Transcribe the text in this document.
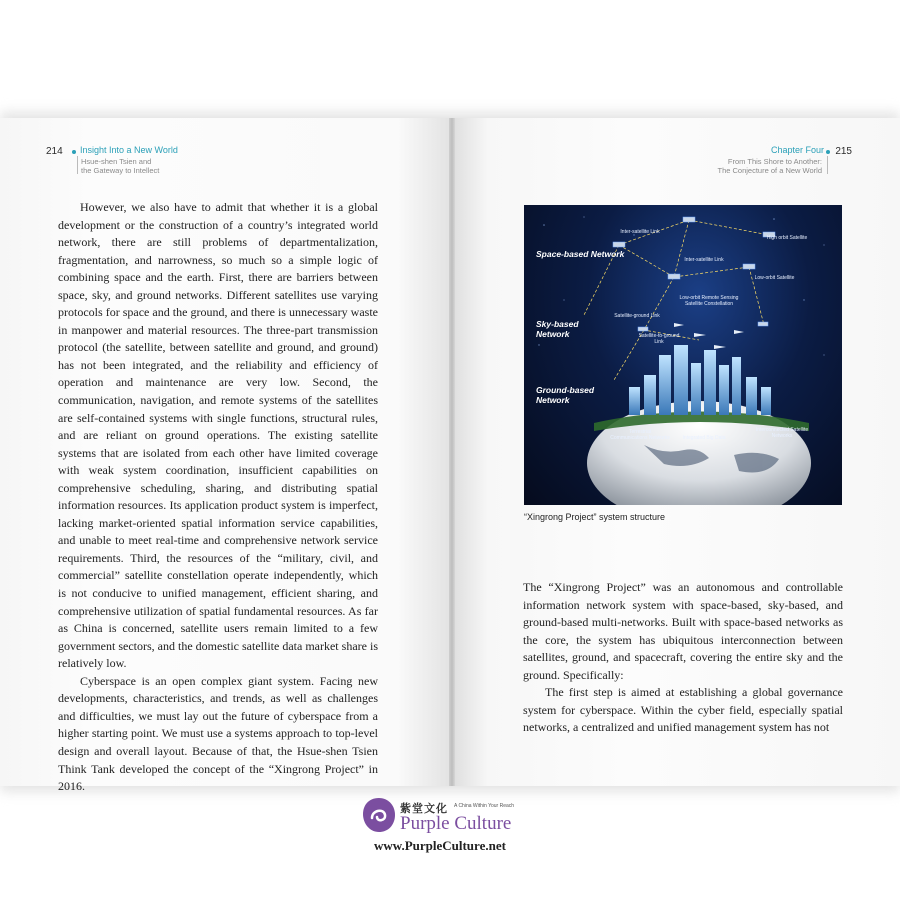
214 Insight Into a New World
Hsue-shen Tsien and
the Gateway to Intellect

However, we also have to admit that whether it is a global development or the construction of a country’s integrated world network, there are still problems of departmentalization, fragmentation, and narrowness, so much so a simple logic of combining space and the earth. First, there are barriers between space, sky, and ground networks. Different satellites use varying protocols for space and the ground, and there is unnecessary waste in manpower and material resources. The three-part transmission protocol (the satellite, between satellite and ground, and ground) has not been integrated, and the reliability and efficiency of operation and maintenance are very low. Second, the communication, navigation, and remote systems of the satellites are self-contained systems with single functions, structural rules, and are reliant on ground operations. The existing satellite systems that are isolated from each other have limited coverage with weak system coordination, insufficient capabilities on comprehensive scheduling, sharing, and distributing spatial information resources. Its application product system is imperfect, lacking market-oriented spatial information service capabilities, and unable to meet real-time and comprehensive network service requirements. Third, the resources of the “military, civil, and commercial” satellite constellation operate independently, which is not conducive to unified management, efficient sharing, and comprehensive utilization of spatial fundamental resources. As far as China is concerned, satellite users remain limited to a few government sectors, and the domestic satellite data market share is relatively low.

Cyberspace is an open complex giant system. Facing new developments, characteristics, and trends, as well as challenges and difficulties, we must lay out the future of cyberspace from a higher starting point. We must use a systems approach to top-level design and overall layout. Because of that, the Hsue-shen Tsien Think Tank developed the concept of the “Xingrong Project” in 2016.

Chapter Four 215
From This Shore to Another:
The Conjecture of a New World

The “Xingrong Project” was an autonomous and controllable information network system with space-based, sky-based, and ground-based multi-networks. Built with space-based networks as the core, the system has ubiquitous interconnection between satellites, ground, and spacecraft, covering the entire sky and the ground. Specifically:

The first step is aimed at establishing a global governance system for cyberspace. Within the cyber field, especially spatial networks, a centralized and unified management system has not

Space-based Network
Sky-based Network
Ground-based Network
Inter-satellite Link
High orbit Satellite
Inter-satellite Link
Low-orbit Satellite
Low-orbit Remote Sensing Satellite Constellation
Satellite-ground Link
Satellite-to-ground Link
Terrestrial Communications Networks	Integrated Big Data
Interconnected Satellite Networks
“Xingrong Project” system structure
紫堂文化 A China Within Your Reach
Purple Culture
www.PurpleCulture.net
